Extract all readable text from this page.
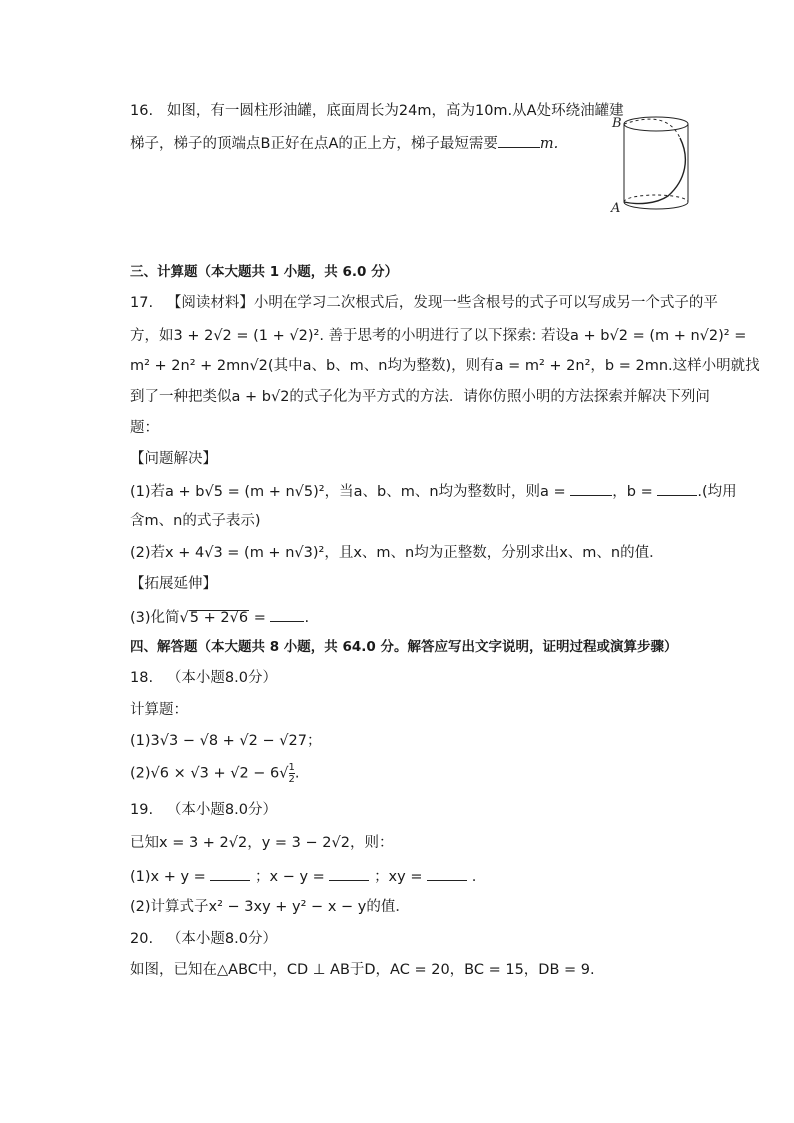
16. 如图，有一圆柱形油罐，底面周长为24m，高为10m.从A处环绕油罐建
梯子，梯子的顶端点B正好在点A的正上方，梯子最短需要	m.
B
A
三、计算题（本大题共 1 小题，共 6.0 分）
17. 【阅读材料】小明在学习二次根式后，发现一些含根号的式子可以写成另一个式子的平
方，如3 + 2√2 = (1 + √2)². 善于思考的小明进行了以下探索: 若设a + b√2 = (m + n√2)² =
m² + 2n² + 2mn√2(其中a、b、m、n均为整数)，则有a = m² + 2n²，b = 2mn.这样小明就找
到了一种把类似a + b√2的式子化为平方式的方法．请你仿照小明的方法探索并解决下列问
题：
【问题解决】
(1)若a + b√5 = (m + n√5)²，当a、b、m、n均为整数时，则a =	，b =	.(均用
含m、n的式子表示)
(2)若x + 4√3 = (m + n√3)²，且x、m、n均为正整数，分别求出x、m、n的值．
【拓展延伸】
(3)化简√5 + 2√6 =	.
四、解答题（本大题共 8 小题，共 64.0 分。解答应写出文字说明，证明过程或演算步骤）
18. （本小题8.0分）
计算题：
(1)3√3 − √8 + √2 − √27；
$(2)√6 \times √3 + √2 - 6√ \frac{1}{2}$ .
19. （本小题8.0分）
已知x = 3 + 2√2，y = 3 − 2√2，则：
(1)x + y =	；x − y =	；xy =	.
(2)计算式子x² − 3xy + y² − x − y的值．
20. （本小题8.0分）
如图，已知在△ABC中，CD ⊥ AB于D，AC = 20，BC = 15，DB = 9.
